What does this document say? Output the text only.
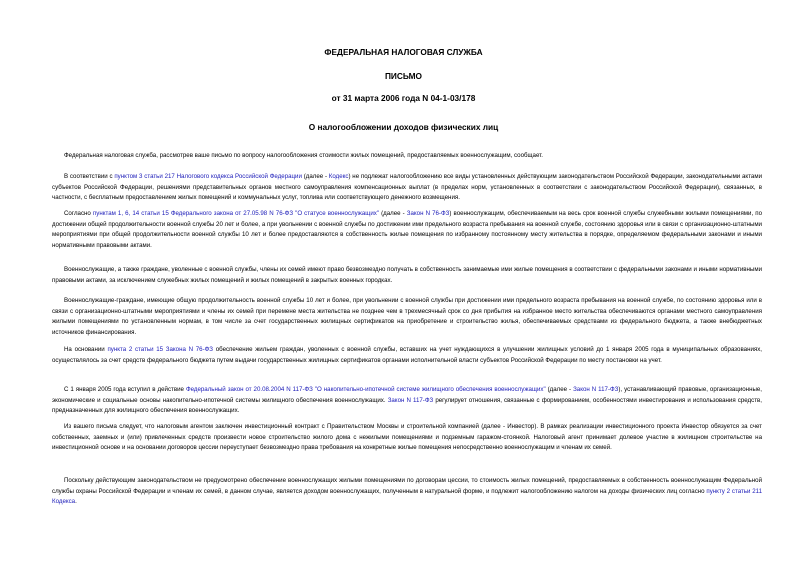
ФЕДЕРАЛЬНАЯ НАЛОГОВАЯ СЛУЖБА
ПИСЬМО
от 31 марта 2006 года N 04-1-03/178
О налогообложении доходов физических лиц

Федеральная налоговая служба, рассмотрев ваше письмо по вопросу налогообложения стоимости жилых помещений, предоставляемых военнослужащим, сообщает.

В соответствии с пунктом 3 статьи 217 Налогового кодекса Российской Федерации (далее - Кодекс) не подлежат налогообложению все виды установленных действующим законодательством Российской Федерации, законодательными актами субъектов Российской Федерации, решениями представительных органов местного самоуправления компенсационных выплат (в пределах норм, установленных в соответствии с законодательством Российской Федерации), связанных, в частности, с бесплатным предоставлением жилых помещений и коммунальных услуг, топлива или соответствующего денежного возмещения.

Согласно пунктам 1, 6, 14 статьи 15 Федерального закона от 27.05.98 N 76-ФЗ "О статусе военнослужащих" (далее - Закон N 76-ФЗ) военнослужащим, обеспечиваемым на весь срок военной службы служебными жилыми помещениями, по достижении общей продолжительности военной службы 20 лет и более, а при увольнении с военной службы по достижении ими предельного возраста пребывания на военной службе, состоянию здоровья или в связи с организационно-штатными мероприятиями при общей продолжительности военной службы 10 лет и более предоставляются в собственность жилые помещения по избранному постоянному месту жительства в порядке, определяемом федеральными законами и иными нормативными правовыми актами.

Военнослужащие, а также граждане, уволенные с военной службы, члены их семей имеют право безвозмездно получать в собственность занимаемые ими жилые помещения в соответствии с федеральными законами и иными нормативными правовыми актами, за исключением служебных жилых помещений и жилых помещений в закрытых военных городках.

Военнослужащие-граждане, имеющие общую продолжительность военной службы 10 лет и более, при увольнении с военной службы при достижении ими предельного возраста пребывания на военной службе, по состоянию здоровья или в связи с организационно-штатными мероприятиями и члены их семей при перемене места жительства не позднее чем в трехмесячный срок со дня прибытия на избранное место жительства обеспечиваются органами местного самоуправления жилыми помещениями по установленным нормам, в том числе за счет государственных жилищных сертификатов на приобретение и строительство жилья, обеспечиваемых средствами из федерального бюджета, а также внебюджетных источников финансирования.

На основании пункта 2 статьи 15 Закона N 76-ФЗ обеспечение жильем граждан, уволенных с военной службы, вставших на учет нуждающихся в улучшении жилищных условий до 1 января 2005 года в муниципальных образованиях, осуществлялось за счет средств федерального бюджета путем выдачи государственных жилищных сертификатов органами исполнительной власти субъектов Российской Федерации по месту постановки на учет.

С 1 января 2005 года вступил в действие Федеральный закон от 20.08.2004 N 117-ФЗ "О накопительно-ипотечной системе жилищного обеспечения военнослужащих" (далее - Закон N 117-ФЗ), устанавливающий правовые, организационные, экономические и социальные основы накопительно-ипотечной системы жилищного обеспечения военнослужащих. Закон N 117-ФЗ регулирует отношения, связанные с формированием, особенностями инвестирования и использования средств, предназначенных для жилищного обеспечения военнослужащих.

Из вашего письма следует, что налоговым агентом заключен инвестиционный контракт с Правительством Москвы и строительной компанией (далее - Инвестор). В рамках реализации инвестиционного проекта Инвестор обязуется за счет собственных, заемных и (или) привлеченных средств произвести новое строительство жилого дома с нежилыми помещениями и подземным гаражом-стоянкой. Налоговый агент принимает долевое участие в жилищном строительстве на инвестиционной основе и на основании договоров цессии переуступает безвозмездно права требования на конкретные жилые помещения непосредственно военнослужащим и членам их семей.

Поскольку действующим законодательством не предусмотрено обеспечение военнослужащих жилыми помещениями по договорам цессии, то стоимость жилых помещений, предоставляемых в собственность военнослужащим Федеральной службы охраны Российской Федерации и членам их семей, в данном случае, является доходом военнослужащих, полученным в натуральной форме, и подлежит налогообложению налогом на доходы физических лиц согласно пункту 2 статьи 211 Кодекса.
